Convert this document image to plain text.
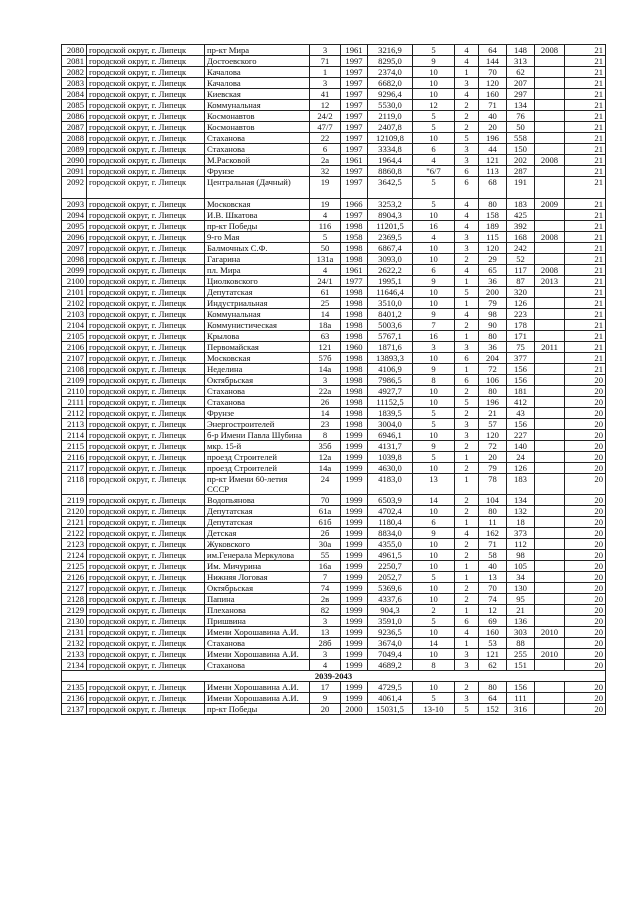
2080	городской округ, г. Липецк	пр-кт Мира	3	1961	3216,9	5	4	64	148	2008	21
2081	городской округ, г. Липецк	Достоевского	71	1997	8295,0	9	4	144	313		21
2082	городской округ, г. Липецк	Качалова	1	1997	2374,0	10	1	70	62		21
2083	городской округ, г. Липецк	Качалова	3	1997	6682,0	10	3	120	207		21
2084	городской округ, г. Липецк	Киевская	41	1997	9296,4	10	4	160	297		21
2085	городской округ, г. Липецк	Коммунальная	12	1997	5530,0	12	2	71	134		21
2086	городской округ, г. Липецк	Космонавтов	24/2	1997	2119,0	5	2	40	76		21
2087	городской округ, г. Липецк	Космонавтов	47/7	1997	2407,8	5	2	20	50		21
2088	городской округ, г. Липецк	Стаханова	22	1997	12109,8	10	5	196	558		21
2089	городской округ, г. Липецк	Стаханова	6	1997	3334,8	6	3	44	150		21
2090	городской округ, г. Липецк	М.Расковой	2а	1961	1964,4	4	3	121	202	2008	21
2091	городской округ, г. Липецк	Фрунзе	32	1997	8860,8	"6/7	6	113	287		21
2092	городской округ, г. Липецк	Центральная (Дачный)	19	1997	3642,5	5	6	68	191		21
2093	городской округ, г. Липецк	Московская	19	1966	3253,2	5	4	80	183	2009	21
2094	городской округ, г. Липецк	И.В. Шкатова	4	1997	8904,3	10	4	158	425		21
2095	городской округ, г. Липецк	пр-кт Победы	116	1998	11201,5	16	4	189	392		21
2096	городской округ, г. Липецк	9-го Мая	5	1958	2369,5	4	3	115	168	2008	21
2097	городской округ, г. Липецк	Балмочных С.Ф.	50	1998	6867,4	10	3	120	242		21
2098	городской округ, г. Липецк	Гагарина	131а	1998	3093,0	10	2	29	52		21
2099	городской округ, г. Липецк	пл. Мира	4	1961	2622,2	6	4	65	117	2008	21
2100	городской округ, г. Липецк	Циолковского	24/1	1977	1995,1	9	1	36	87	2013	21
2101	городской округ, г. Липецк	Депутатская	61	1998	11646,4	10	5	200	320		21
2102	городской округ, г. Липецк	Индустриальная	25	1998	3510,0	10	1	79	126		21
2103	городской округ, г. Липецк	Коммунальная	14	1998	8401,2	9	4	98	223		21
2104	городской округ, г. Липецк	Коммунистическая	18а	1998	5003,6	7	2	90	178		21
2105	городской округ, г. Липецк	Крылова	63	1998	5767,1	16	1	80	171		21
2106	городской округ, г. Липецк	Первомайская	121	1960	1871,6	3	3	36	75	2011	21
2107	городской округ, г. Липецк	Московская	57б	1998	13893,3	10	6	204	377		21
2108	городской округ, г. Липецк	Неделина	14а	1998	4106,9	9	1	72	156		21
2109	городской округ, г. Липецк	Октябрьская	3	1998	7986,5	8	6	106	156		20
2110	городской округ, г. Липецк	Стаханова	22а	1998	4927,7	10	2	80	181		20
2111	городской округ, г. Липецк	Стаханова	26	1998	11152,5	10	5	196	412		20
2112	городской округ, г. Липецк	Фрунзе	14	1998	1839,5	5	2	21	43		20
2113	городской округ, г. Липецк	Энергостроителей	23	1998	3004,0	5	3	57	156		20
2114	городской округ, г. Липецк	б-р Имени Павла Шубина	8	1999	6946,1	10	3	120	227		20
2115	городской округ, г. Липецк	мкр. 15-й	35б	1999	4131,7	9	2	72	140		20
2116	городской округ, г. Липецк	проезд Строителей	12а	1999	1039,8	5	1	20	24		20
2117	городской округ, г. Липецк	проезд Строителей	14а	1999	4630,0	10	2	79	126		20
2118	городской округ, г. Липецк	пр-кт Имени 60-летия СССР	24	1999	4183,0	13	1	78	183		20
2119	городской округ, г. Липецк	Водопьянова	70	1999	6503,9	14	2	104	134		20
2120	городской округ, г. Липецк	Депутатская	61а	1999	4702,4	10	2	80	132		20
2121	городской округ, г. Липецк	Депутатская	61б	1999	1180,4	6	1	11	18		20
2122	городской округ, г. Липецк	Детская	2б	1999	8834,0	9	4	162	373		20
2123	городской округ, г. Липецк	Жуковского	30а	1999	4355,0	10	2	71	112		20
2124	городской округ, г. Липецк	им.Генерала Меркулова	55	1999	4961,5	10	2	58	98		20
2125	городской округ, г. Липецк	Им. Мичурина	16а	1999	2250,7	10	1	40	105		20
2126	городской округ, г. Липецк	Нижняя Логовая	7	1999	2052,7	5	1	13	34		20
2127	городской округ, г. Липецк	Октябрьская	74	1999	5369,6	10	2	70	130		20
2128	городской округ, г. Липецк	Папина	2в	1999	4337,6	10	2	74	95		20
2129	городской округ, г. Липецк	Плеханова	82	1999	904,3	2	1	12	21		20
2130	городской округ, г. Липецк	Пришвина	3	1999	3591,0	5	6	69	136		20
2131	городской округ, г. Липецк	Имени Хорошавина А.И.	13	1999	9236,5	10	4	160	303	2010	20
2132	городской округ, г. Липецк	Стаханова	28б	1999	3674,0	14	1	53	88		20
2133	городской округ, г. Липецк	Имени Хорошавина А.И.	3	1999	7049,4	10	3	121	255	2010	20
2134	городской округ, г. Липецк	Стаханова	4	1999	4689,2	8	3	62	151		20
2039-2043											
2135	городской округ, г. Липецк	Имени Хорошавина А.И.	17	1999	4729,5	10	2	80	156		20
2136	городской округ, г. Липецк	Имени Хорошавина А.И.	9	1999	4061,4	5	3	64	111		20
2137	городской округ, г. Липецк	пр-кт Победы	20	2000	15031,5	13-10	5	152	316		20
